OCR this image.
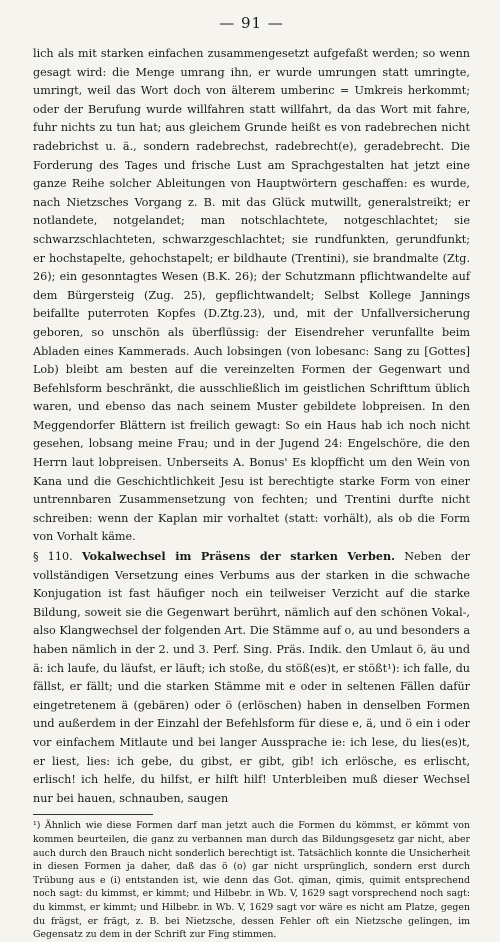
— 91 —

lich als mit starken einfachen zusammengesetzt aufgefaßt werden; so wenn gesagt wird: die Menge umrang ihn, er wurde umrungen statt umringte, umringt, weil das Wort doch von älterem umberinc = Umkreis herkommt; oder der Berufung wurde willfahren statt willfahrt, da das Wort mit fahre, fuhr nichts zu tun hat; aus gleichem Grunde heißt es von radebrechen nicht radebrichst u. ä., sondern radebrechst, radebrecht(e), geradebrecht. Die Forderung des Tages und frische Lust am Sprachgestalten hat jetzt eine ganze Reihe solcher Ableitungen von Hauptwörtern geschaffen: es wurde, nach Nietzsches Vorgang z. B. mit das Glück mutwillt, generalstreikt; er notlandete, notgelandet; man notschlachtete, notgeschlachtet; sie schwarzschlachteten, schwarzgeschlachtet; sie rundfunkten, gerundfunkt; er hochstapelte, gehochstapelt; er bildhaute (Trentini), sie brandmalte (Ztg. 26); ein gesonntagtes Wesen (B.K. 26); der Schutzmann pflichtwandelte auf dem Bürgersteig (Zug. 25), gepflichtwandelt; Selbst Kollege Jannings beifallte puterroten Kopfes (D.Ztg.23), und, mit der Unfallversicherung geboren, so unschön als überflüssig: der Eisendreher verunfallte beim Abladen eines Kammerads. Auch lobsingen (von lobesanc: Sang zu [Gottes] Lob) bleibt am besten auf die vereinzelten Formen der Gegenwart und Befehlsform beschränkt, die ausschließlich im geistlichen Schrifttum üblich waren, und ebenso das nach seinem Muster gebildete lobpreisen. In den Meggendorfer Blättern ist freilich gewagt: So ein Haus hab ich noch nicht gesehen, lobsang meine Frau; und in der Jugend 24: Engelschöre, die den Herrn laut lobpreisen. Unberseits A. Bonus' Es klopfficht um den Wein von Kana und die Geschichtlichkeit Jesu ist berechtigte starke Form von einer untrennbaren Zusammensetzung von fechten; und Trentini durfte nicht schreiben: wenn der Kaplan mir vorhaltet (statt: vorhält), als ob die Form von Vorhalt käme.

§ 110. Vokalwechsel im Präsens der starken Verben. Neben der vollständigen Versetzung eines Verbums aus der starken in die schwache Konjugation ist fast häufiger noch ein teilweiser Verzicht auf die starke Bildung, soweit sie die Gegenwart berührt, nämlich auf den schönen Vokal-, also Klangwechsel der folgenden Art. Die Stämme auf o, au und besonders a haben nämlich in der 2. und 3. Perf. Sing. Präs. Indik. den Umlaut ö, äu und ä: ich laufe, du läufst, er läuft; ich stoße, du stöß(es)t, er stößt¹): ich falle, du fällst, er fällt; und die starken Stämme mit e oder in seltenen Fällen dafür eingetretenem ä (gebären) oder ö (erlöschen) haben in denselben Formen und außerdem in der Einzahl der Befehlsform für diese e, ä, und ö ein i oder vor einfachem Mitlaute und bei langer Aussprache ie: ich lese, du lies(es)t, er liest, lies: ich gebe, du gibst, er gibt, gib! ich erlösche, es erlischt, erlisch! ich helfe, du hilfst, er hilft hilf! Unterbleiben muß dieser Wechsel nur bei hauen, schnauben, saugen

¹) Ähnlich wie diese Formen darf man jetzt auch die Formen du kömmst, er kömmt von kommen beurteilen, die ganz zu verbannen man durch das Bildungsgesetz gar nicht, aber auch durch den Brauch nicht sonderlich berechtigt ist. Tatsächlich konnte die Unsicherheit in diesen Formen ja daher, daß das ö (o) gar nicht ursprünglich, sondern erst durch Trübung aus e (i) entstanden ist, wie denn das Got. qiman, qimis, quimit entsprechend noch sagt: du kimmst, er kimmt; und Hilbebr. in Wb. V, 1629 sagt vorsprechend noch sagt: du kimmst, er kimmt; und Hilbebr. in Wb. V, 1629 sagt vor wäre es nicht am Platze, gegen du frägst, er frägt, z. B. bei Nietzsche, dessen Fehler oft ein Nietzsche gelingen, im Gegensatz zu dem in der Schrift zur Fing stimmen.
